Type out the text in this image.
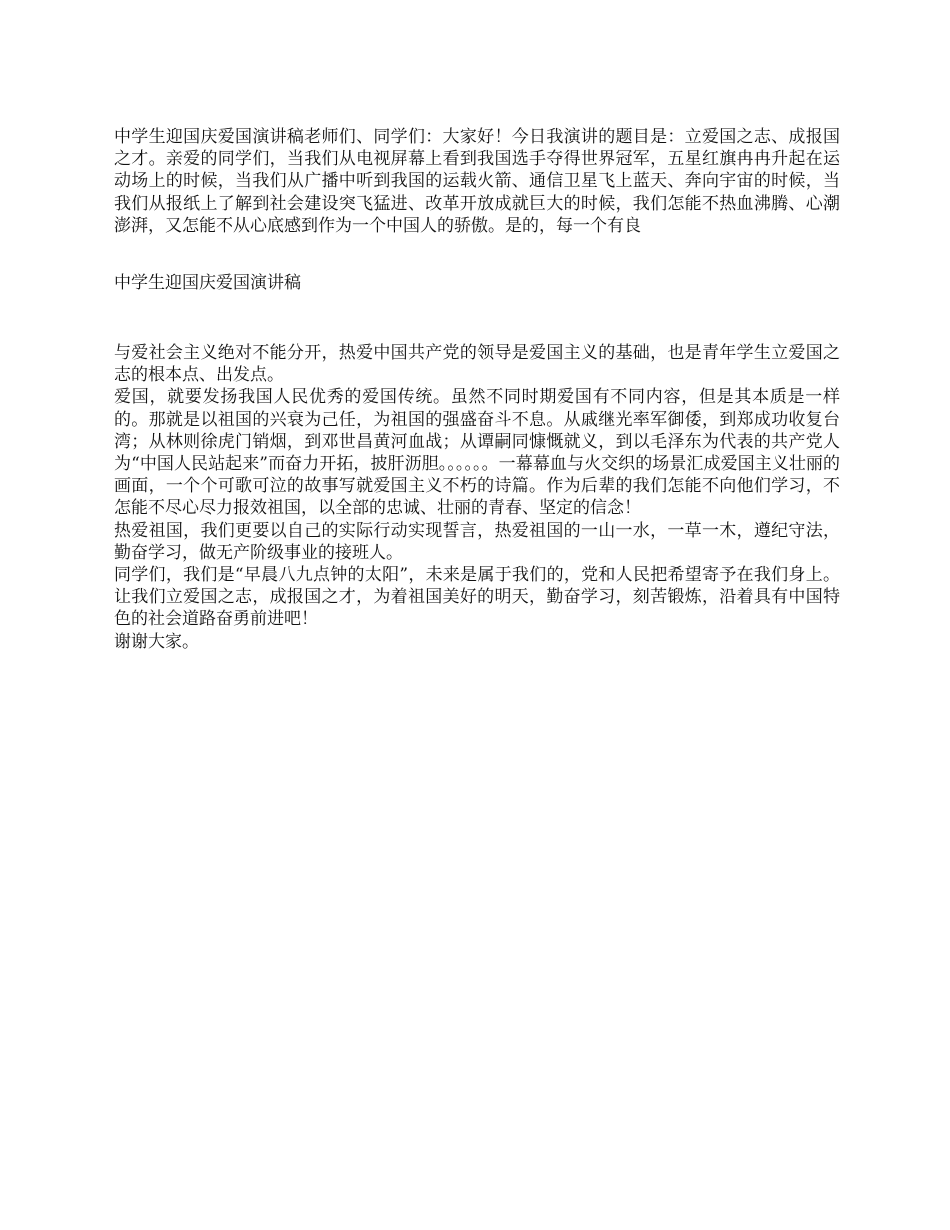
中学生迎国庆爱国演讲稿老师们、同学们：大家好！今日我演讲的题目是：立爱国之志、成报国之才。亲爱的同学们，当我们从电视屏幕上看到我国选手夺得世界冠军，五星红旗冉冉升起在运动场上的时候，当我们从广播中听到我国的运载火箭、通信卫星飞上蓝天、奔向宇宙的时候，当我们从报纸上了解到社会建设突飞猛进、改革开放成就巨大的时候，我们怎能不热血沸腾、心潮澎湃，又怎能不从心底感到作为一个中国人的骄傲。是的，每一个有良

中学生迎国庆爱国演讲稿

与爱社会主义绝对不能分开，热爱中国共产党的领导是爱国主义的基础，也是青年学生立爱国之志的根本点、出发点。

爱国，就要发扬我国人民优秀的爱国传统。虽然不同时期爱国有不同内容，但是其本质是一样的。那就是以祖国的兴衰为己任，为祖国的强盛奋斗不息。从戚继光率军御倭，到郑成功收复台湾；从林则徐虎门销烟，到邓世昌黄河血战；从谭嗣同慷慨就义，到以毛泽东为代表的共产党人为“中国人民站起来”而奋力开拓，披肝沥胆。。。。。。一幕幕血与火交织的场景汇成爱国主义壮丽的画面，一个个可歌可泣的故事写就爱国主义不朽的诗篇。作为后辈的我们怎能不向他们学习，不怎能不尽心尽力报效祖国，以全部的忠诚、壮丽的青春、坚定的信念！

热爱祖国，我们更要以自己的实际行动实现誓言，热爱祖国的一山一水，一草一木，遵纪守法，勤奋学习，做无产阶级事业的接班人。

同学们，我们是“早晨八九点钟的太阳”，未来是属于我们的，党和人民把希望寄予在我们身上。让我们立爱国之志，成报国之才，为着祖国美好的明天，勤奋学习，刻苦锻炼，沿着具有中国特色的社会道路奋勇前进吧！

谢谢大家。
